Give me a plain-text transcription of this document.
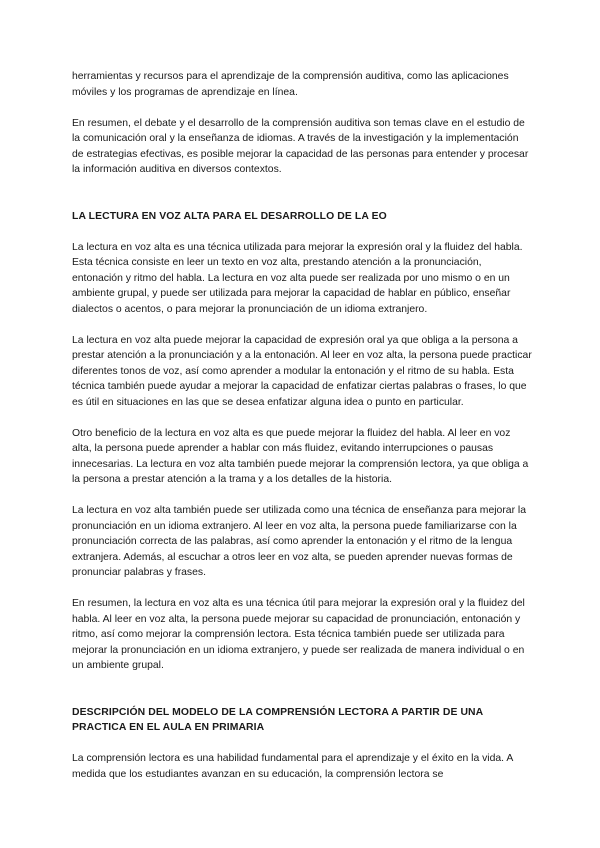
herramientas y recursos para el aprendizaje de la comprensión auditiva, como las aplicaciones móviles y los programas de aprendizaje en línea.

En resumen, el debate y el desarrollo de la comprensión auditiva son temas clave en el estudio de la comunicación oral y la enseñanza de idiomas. A través de la investigación y la implementación de estrategias efectivas, es posible mejorar la capacidad de las personas para entender y procesar la información auditiva en diversos contextos.

LA LECTURA EN VOZ ALTA PARA EL DESARROLLO DE LA EO

La lectura en voz alta es una técnica utilizada para mejorar la expresión oral y la fluidez del habla. Esta técnica consiste en leer un texto en voz alta, prestando atención a la pronunciación, entonación y ritmo del habla. La lectura en voz alta puede ser realizada por uno mismo o en un ambiente grupal, y puede ser utilizada para mejorar la capacidad de hablar en público, enseñar dialectos o acentos, o para mejorar la pronunciación de un idioma extranjero.

La lectura en voz alta puede mejorar la capacidad de expresión oral ya que obliga a la persona a prestar atención a la pronunciación y a la entonación. Al leer en voz alta, la persona puede practicar diferentes tonos de voz, así como aprender a modular la entonación y el ritmo de su habla. Esta técnica también puede ayudar a mejorar la capacidad de enfatizar ciertas palabras o frases, lo que es útil en situaciones en las que se desea enfatizar alguna idea o punto en particular.

Otro beneficio de la lectura en voz alta es que puede mejorar la fluidez del habla. Al leer en voz alta, la persona puede aprender a hablar con más fluidez, evitando interrupciones o pausas innecesarias. La lectura en voz alta también puede mejorar la comprensión lectora, ya que obliga a la persona a prestar atención a la trama y a los detalles de la historia.

La lectura en voz alta también puede ser utilizada como una técnica de enseñanza para mejorar la pronunciación en un idioma extranjero. Al leer en voz alta, la persona puede familiarizarse con la pronunciación correcta de las palabras, así como aprender la entonación y el ritmo de la lengua extranjera. Además, al escuchar a otros leer en voz alta, se pueden aprender nuevas formas de pronunciar palabras y frases.

En resumen, la lectura en voz alta es una técnica útil para mejorar la expresión oral y la fluidez del habla. Al leer en voz alta, la persona puede mejorar su capacidad de pronunciación, entonación y ritmo, así como mejorar la comprensión lectora. Esta técnica también puede ser utilizada para mejorar la pronunciación en un idioma extranjero, y puede ser realizada de manera individual o en un ambiente grupal.

DESCRIPCIÓN DEL MODELO DE LA COMPRENSIÓN LECTORA A PARTIR DE UNA PRACTICA EN EL AULA EN PRIMARIA

La comprensión lectora es una habilidad fundamental para el aprendizaje y el éxito en la vida. A medida que los estudiantes avanzan en su educación, la comprensión lectora se
